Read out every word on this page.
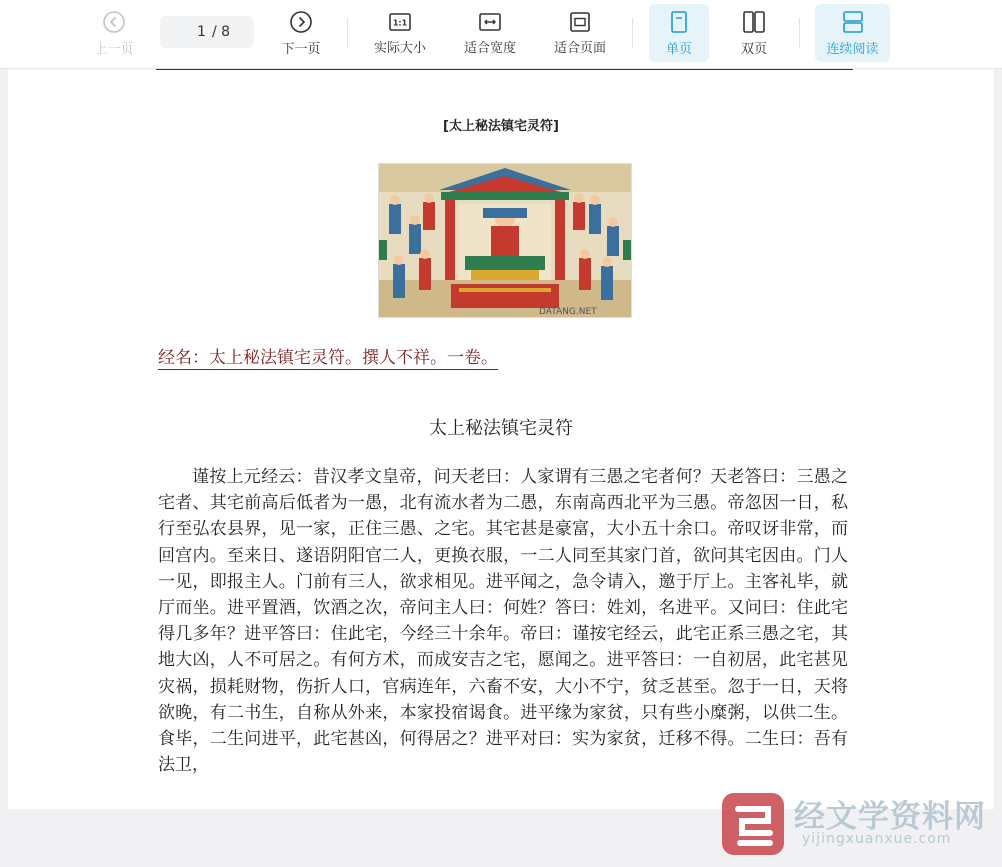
上一页
1
/ 8
下一页
1:1
实际大小	适合宽度	适合页面	单页	双页	连续阅读
[太上秘法镇宅灵符]
DATANG.NET
经名：太上秘法镇宅灵符。撰人不祥。一卷。
太上秘法镇宅灵符
谨按上元经云：昔汉孝文皇帝，问天老曰：人家谓有三愚之宅者何？天老答曰：三愚之宅者、其宅前高后低者为一愚，北有流水者为二愚，东南高西北平为三愚。帝忽因一日，私行至弘农县界，见一家，正住三愚、之宅。其宅甚是豪富，大小五十余口。帝叹讶非常，而回宫内。至来日、遂语阴阳官二人，更换衣服，一二人同至其家门首，欲问其宅因由。门人一见，即报主人。门前有三人，欲求相见。进平闻之，急令请入，邀于厅上。主客礼毕，就厅而坐。进平置酒，饮酒之次，帝问主人曰：何姓？答曰：姓刘，名进平。又问曰：住此宅得几多年？进平答曰：住此宅，今经三十余年。帝曰：谨按宅经云，此宅正系三愚之宅，其地大凶，人不可居之。有何方术，而成安吉之宅，愿闻之。进平答曰：一自初居，此宅甚见灾祸，损耗财物，伤折人口，官病连年，六畜不安，大小不宁，贫乏甚至。忽于一日，天将欲晚，有二书生，自称从外来，本家投宿谒食。进平缘为家贫，只有些小糜粥，以供二生。食毕，二生问进平，此宅甚凶，何得居之？进平对曰：实为家贫，迁移不得。二生曰：吾有法卫，
经文学资料网
yijingxuanxue.com
